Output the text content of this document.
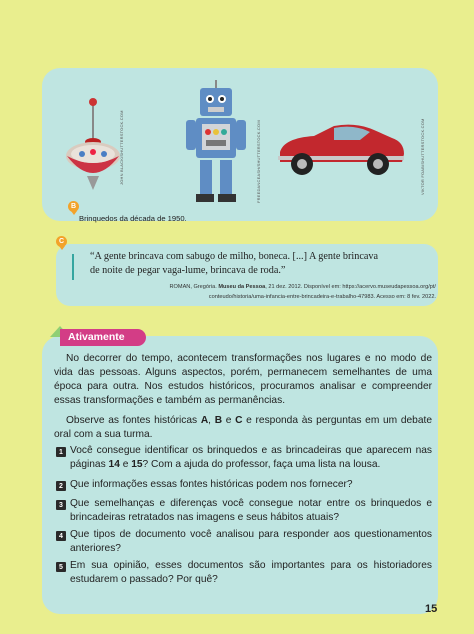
JOHN BLACK/SHUTTERSTOCK.COM	FREEDANCEASH/SHUTTERSTOCK.COM	VIKTOR FOAB/SHUTTERSTOCK.COM
B
Brinquedos da década de 1950.
C
“A gente brincava com sabugo de milho, boneca. [...] A gente brincava
de noite de pegar vaga-lume, brincava de roda.”
ROMAN, Gregória. Museu da Pessoa, 21 dez. 2012. Disponível em: https://acervo.museudapessoa.org/pt/
conteudo/historia/uma-infancia-entre-brincadeira-e-trabalho-47983. Acesso em: 8 fev. 2022.
Ativamente
No decorrer do tempo, acontecem transformações nos lugares e no modo de vida das pessoas. Alguns aspectos, porém, permanecem semelhantes de uma época para outra. Nos estudos históricos, procuramos analisar e compreender essas transformações e também as permanências.
Observe as fontes históricas A, B e C e responda às perguntas em um debate oral com a sua turma.
1 Você consegue identificar os brinquedos e as brincadeiras que aparecem nas páginas 14 e 15? Com a ajuda do professor, faça uma lista na lousa.
2 Que informações essas fontes históricas podem nos fornecer?
3 Que semelhanças e diferenças você consegue notar entre os brinquedos e brincadeiras retratados nas imagens e seus hábitos atuais?
4 Que tipos de documento você analisou para responder aos questionamentos anteriores?
5 Em sua opinião, esses documentos são importantes para os historiadores estudarem o passado? Por quê?
15
